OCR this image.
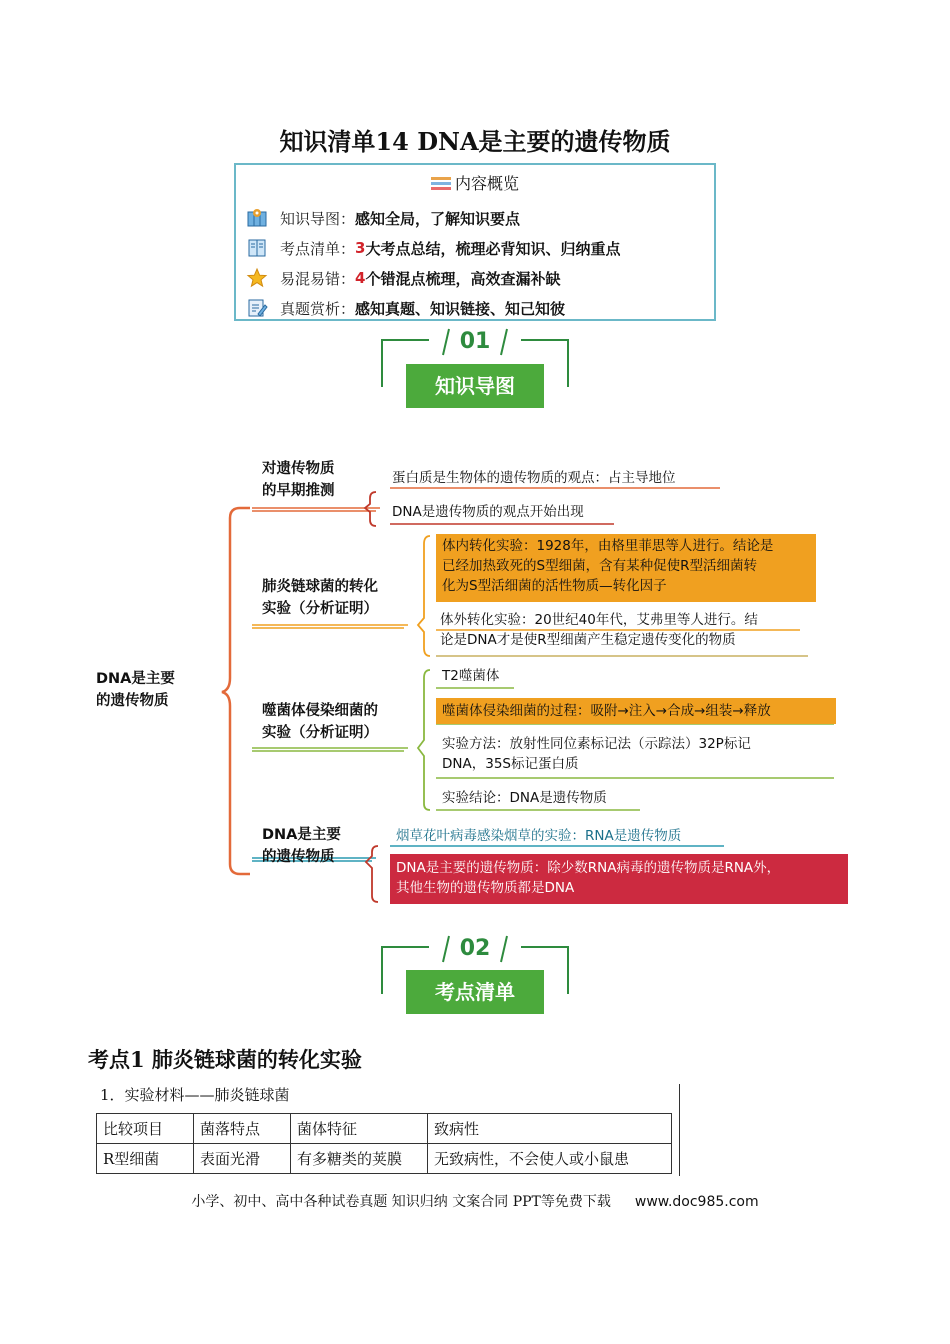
知识清单14 DNA是主要的遗传物质
内容概览
知识导图： 感知全局，了解知识要点
考点清单： 3 大考点总结，梳理必背知识、归纳重点
易混易错： 4 个错混点梳理，高效查漏补缺
真题赏析： 感知真题、知识链接、知己知彼
01
知识导图
DNA是主要
的遗传物质
对遗传物质
的早期推测
蛋白质是生物体的遗传物质的观点：占主导地位
DNA是遗传物质的观点开始出现
肺炎链球菌的转化
实验（分析证明）
体内转化实验：1928年，由格里菲思等人进行。结论是
已经加热致死的S型细菌，含有某种促使R型活细菌转
化为S型活细菌的活性物质—转化因子
体外转化实验：20世纪40年代，艾弗里等人进行。结
论是DNA才是使R型细菌产生稳定遗传变化的物质
噬菌体侵染细菌的
实验（分析证明）
T2噬菌体
噬菌体侵染细菌的过程：吸附→注入→合成→组装→释放
实验方法：放射性同位素标记法（示踪法）32P标记
DNA，35S标记蛋白质
实验结论：DNA是遗传物质
DNA是主要
的遗传物质
烟草花叶病毒感染烟草的实验：RNA是遗传物质
DNA是主要的遗传物质：除少数RNA病毒的遗传物质是RNA外，
其他生物的遗传物质都是DNA
02
考点清单
考点1 肺炎链球菌的转化实验
1．实验材料——肺炎链球菌
比较项目	菌落特点	菌体特征	致病性
R型细菌	表面光滑	有多糖类的荚膜	无致病性，不会使人或小鼠患
小学、初中、高中各种试卷真题 知识归纳 文案合同 PPT等免费下载 www.doc985.com
